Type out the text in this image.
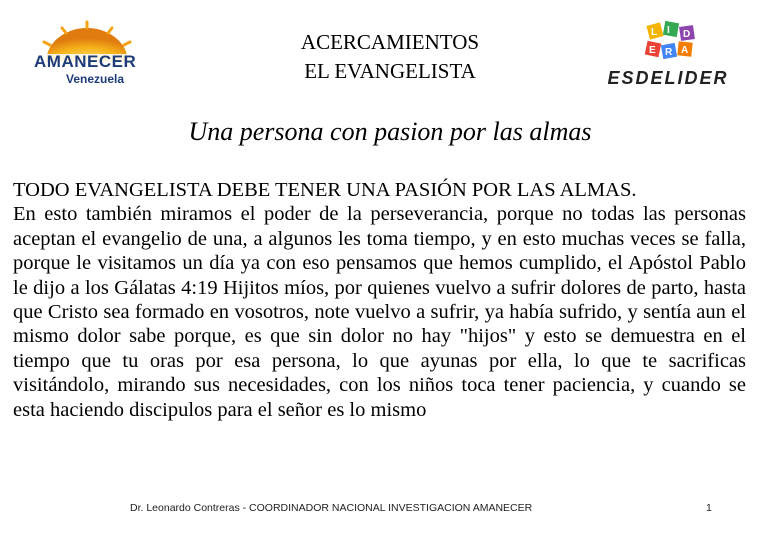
AMANECER
Venezuela
ACERCAMIENTOS
EL EVANGELISTA
L I D
E R A
ESDELIDER
Una persona con pasion por las almas

TODO EVANGELISTA DEBE TENER UNA PASIÓN POR LAS ALMAS.

En esto también miramos el poder de la perseverancia, porque no todas las personas aceptan el evangelio de una, a algunos les toma tiempo, y en esto muchas veces se falla, porque le visitamos un día ya con eso pensamos que hemos cumplido, el Apóstol Pablo le dijo a los Gálatas 4:19 Hijitos míos, por quienes vuelvo a sufrir dolores de parto, hasta que Cristo sea formado en vosotros, note vuelvo a sufrir, ya había sufrido, y sentía aun el mismo dolor sabe porque, es que sin dolor no hay "hijos" y esto se demuestra en el tiempo que tu oras por esa persona, lo que ayunas por ella, lo que te sacrificas visitándolo, mirando sus necesidades, con los niños toca tener paciencia, y cuando se esta haciendo discipulos para el señor es lo mismo

Dr. Leonardo Contreras - COORDINADOR NACIONAL INVESTIGACION AMANECER	1
